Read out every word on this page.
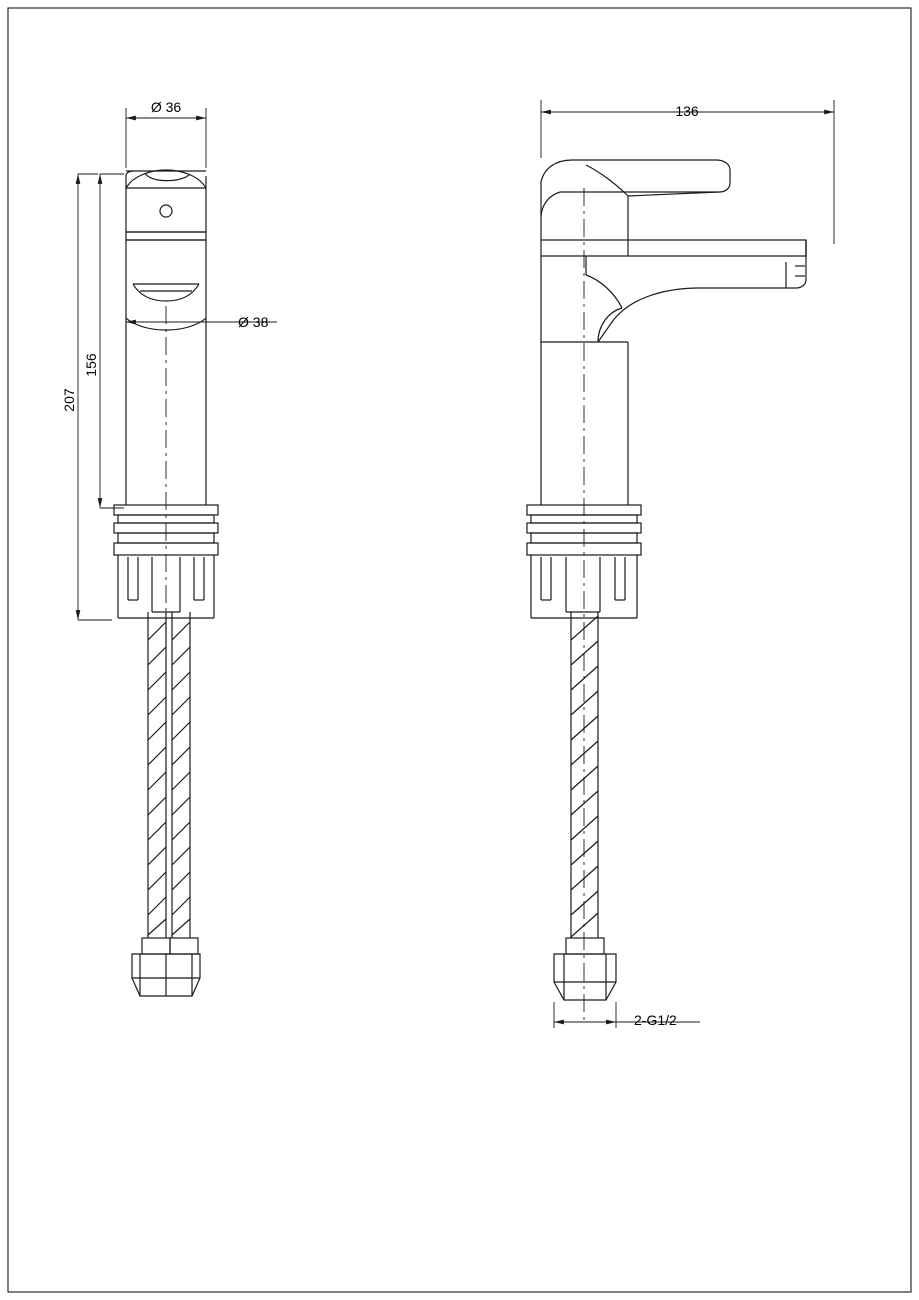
Ø 36
Ø 38
156
207
136
2-G1/2
